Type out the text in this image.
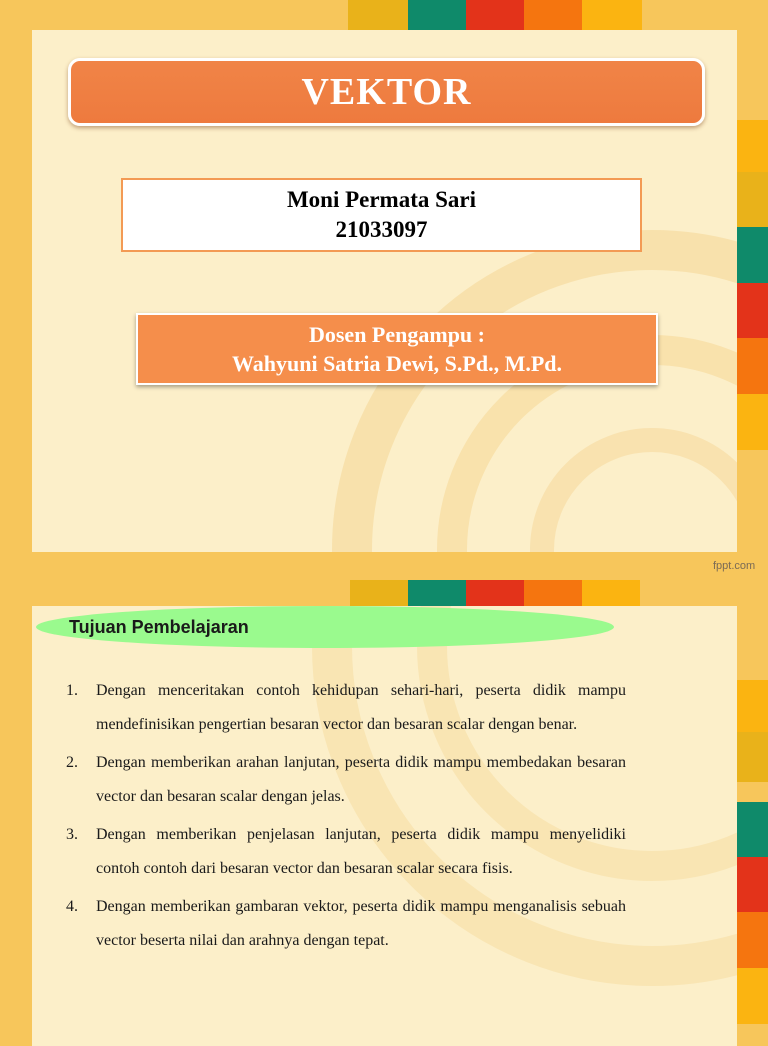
VEKTOR
Moni Permata Sari
21033097
Dosen Pengampu :
Wahyuni Satria Dewi, S.Pd., M.Pd.
fppt.com
Tujuan Pembelajaran
1. Dengan menceritakan contoh kehidupan sehari-hari, peserta didik mampu mendefinisikan pengertian besaran vector dan besaran scalar dengan benar.
2. Dengan memberikan arahan lanjutan, peserta didik mampu membedakan besaran vector dan besaran scalar dengan jelas.
3. Dengan memberikan penjelasan lanjutan, peserta didik mampu menyelidiki contoh contoh dari besaran vector dan besaran scalar secara fisis.
4. Dengan memberikan gambaran vektor, peserta didik mampu menganalisis sebuah vector beserta nilai dan arahnya dengan tepat.
